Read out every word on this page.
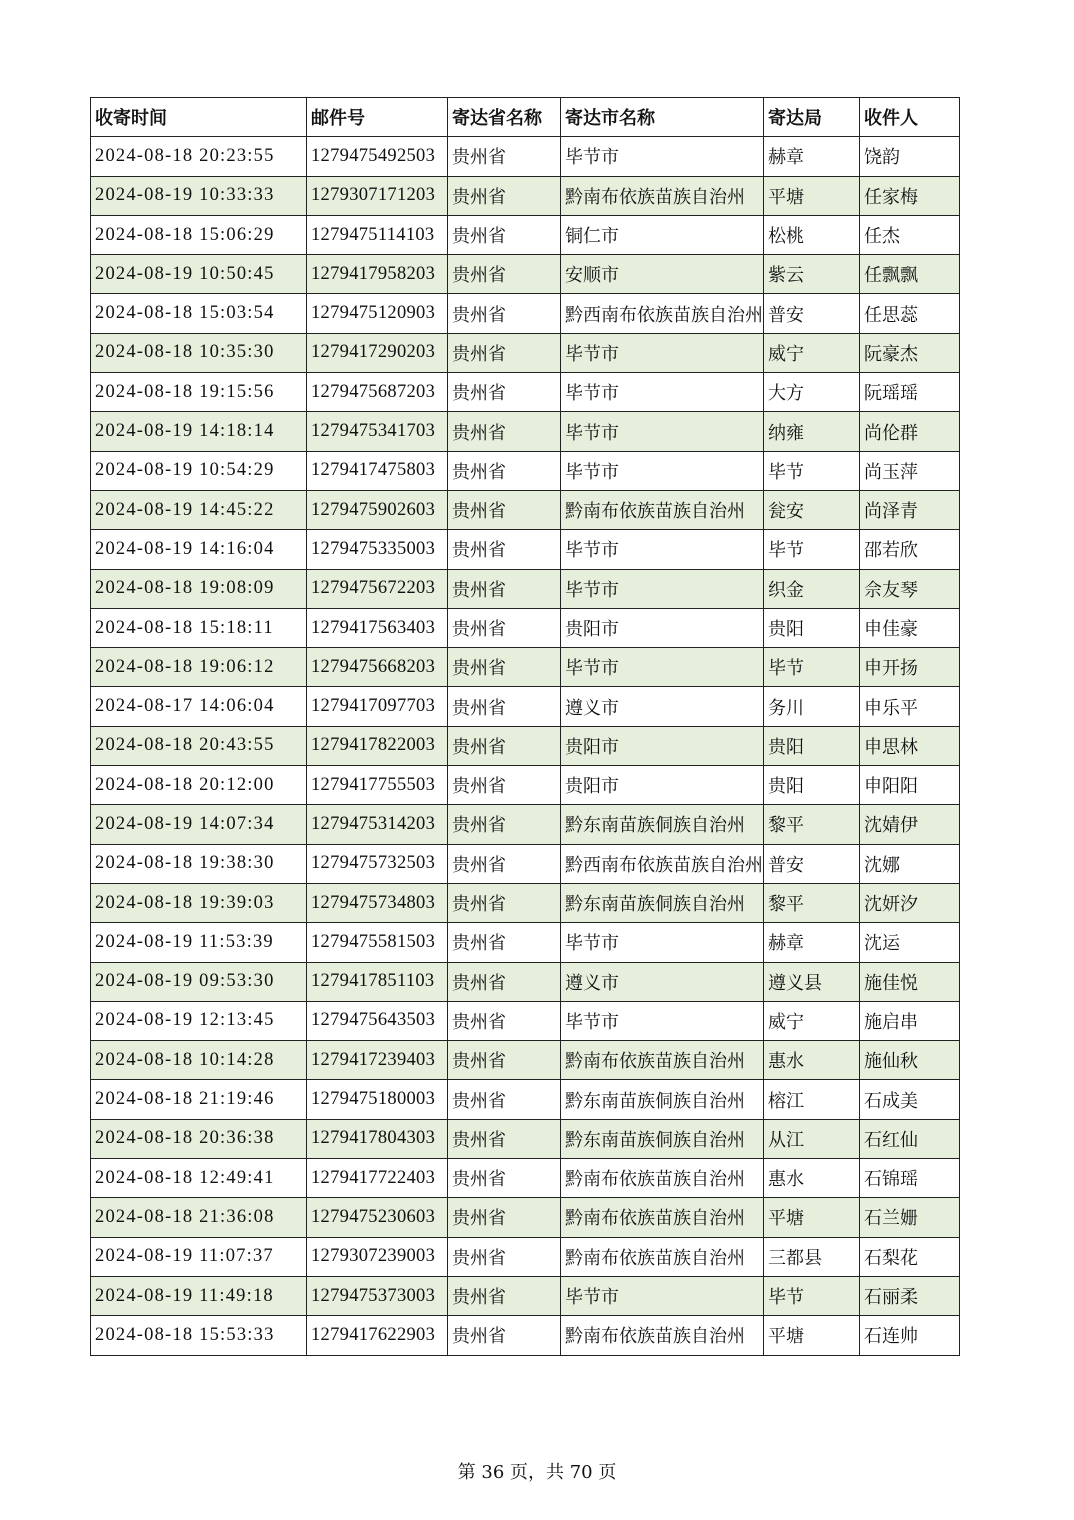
收寄时间	邮件号	寄达省名称	寄达市名称	寄达局	收件人
2024-08-18 20:23:55	1279475492503	贵州省	毕节市	赫章	饶韵
2024-08-19 10:33:33	1279307171203	贵州省	黔南布依族苗族自治州	平塘	任家梅
2024-08-18 15:06:29	1279475114103	贵州省	铜仁市	松桃	任杰
2024-08-19 10:50:45	1279417958203	贵州省	安顺市	紫云	任飘飘
2024-08-18 15:03:54	1279475120903	贵州省	黔西南布依族苗族自治州	普安	任思蕊
2024-08-18 10:35:30	1279417290203	贵州省	毕节市	威宁	阮豪杰
2024-08-18 19:15:56	1279475687203	贵州省	毕节市	大方	阮瑶瑶
2024-08-19 14:18:14	1279475341703	贵州省	毕节市	纳雍	尚伦群
2024-08-19 10:54:29	1279417475803	贵州省	毕节市	毕节	尚玉萍
2024-08-19 14:45:22	1279475902603	贵州省	黔南布依族苗族自治州	瓮安	尚泽青
2024-08-19 14:16:04	1279475335003	贵州省	毕节市	毕节	邵若欣
2024-08-18 19:08:09	1279475672203	贵州省	毕节市	织金	佘友琴
2024-08-18 15:18:11	1279417563403	贵州省	贵阳市	贵阳	申佳豪
2024-08-18 19:06:12	1279475668203	贵州省	毕节市	毕节	申开扬
2024-08-17 14:06:04	1279417097703	贵州省	遵义市	务川	申乐平
2024-08-18 20:43:55	1279417822003	贵州省	贵阳市	贵阳	申思林
2024-08-18 20:12:00	1279417755503	贵州省	贵阳市	贵阳	申阳阳
2024-08-19 14:07:34	1279475314203	贵州省	黔东南苗族侗族自治州	黎平	沈婧伊
2024-08-18 19:38:30	1279475732503	贵州省	黔西南布依族苗族自治州	普安	沈娜
2024-08-18 19:39:03	1279475734803	贵州省	黔东南苗族侗族自治州	黎平	沈妍汐
2024-08-19 11:53:39	1279475581503	贵州省	毕节市	赫章	沈运
2024-08-19 09:53:30	1279417851103	贵州省	遵义市	遵义县	施佳悦
2024-08-19 12:13:45	1279475643503	贵州省	毕节市	威宁	施启串
2024-08-18 10:14:28	1279417239403	贵州省	黔南布依族苗族自治州	惠水	施仙秋
2024-08-18 21:19:46	1279475180003	贵州省	黔东南苗族侗族自治州	榕江	石成美
2024-08-18 20:36:38	1279417804303	贵州省	黔东南苗族侗族自治州	从江	石红仙
2024-08-18 12:49:41	1279417722403	贵州省	黔南布依族苗族自治州	惠水	石锦瑶
2024-08-18 21:36:08	1279475230603	贵州省	黔南布依族苗族自治州	平塘	石兰姗
2024-08-19 11:07:37	1279307239003	贵州省	黔南布依族苗族自治州	三都县	石梨花
2024-08-19 11:49:18	1279475373003	贵州省	毕节市	毕节	石丽柔
2024-08-18 15:53:33	1279417622903	贵州省	黔南布依族苗族自治州	平塘	石连帅
第 36 页，共 70 页
